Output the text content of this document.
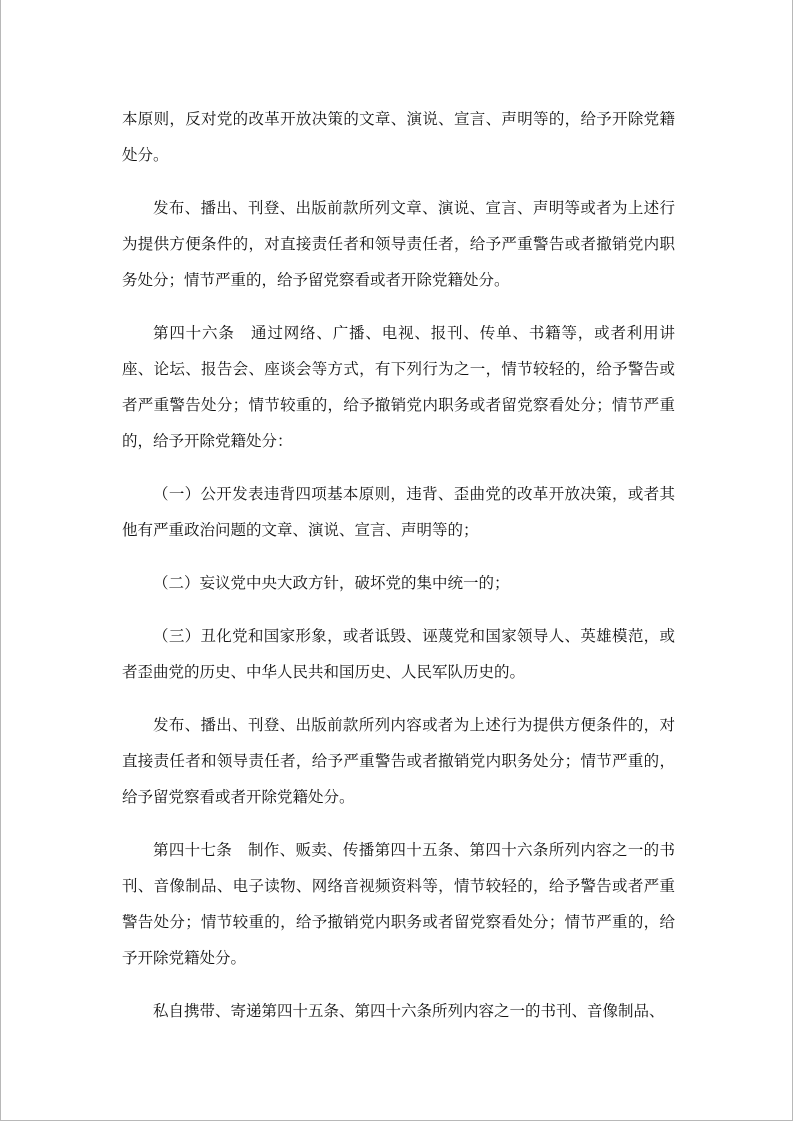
本原则，反对党的改革开放决策的文章、演说、宣言、声明等的，给予开除党籍处分。

发布、播出、刊登、出版前款所列文章、演说、宣言、声明等或者为上述行为提供方便条件的，对直接责任者和领导责任者，给予严重警告或者撤销党内职务处分；情节严重的，给予留党察看或者开除党籍处分。

第四十六条　通过网络、广播、电视、报刊、传单、书籍等，或者利用讲座、论坛、报告会、座谈会等方式，有下列行为之一，情节较轻的，给予警告或者严重警告处分；情节较重的，给予撤销党内职务或者留党察看处分；情节严重的，给予开除党籍处分：

（一）公开发表违背四项基本原则，违背、歪曲党的改革开放决策，或者其他有严重政治问题的文章、演说、宣言、声明等的；

（二）妄议党中央大政方针，破坏党的集中统一的；

（三）丑化党和国家形象，或者诋毁、诬蔑党和国家领导人、英雄模范，或者歪曲党的历史、中华人民共和国历史、人民军队历史的。

发布、播出、刊登、出版前款所列内容或者为上述行为提供方便条件的，对直接责任者和领导责任者，给予严重警告或者撤销党内职务处分；情节严重的，给予留党察看或者开除党籍处分。

第四十七条　制作、贩卖、传播第四十五条、第四十六条所列内容之一的书刊、音像制品、电子读物、网络音视频资料等，情节较轻的，给予警告或者严重警告处分；情节较重的，给予撤销党内职务或者留党察看处分；情节严重的，给予开除党籍处分。

私自携带、寄递第四十五条、第四十六条所列内容之一的书刊、音像制品、
